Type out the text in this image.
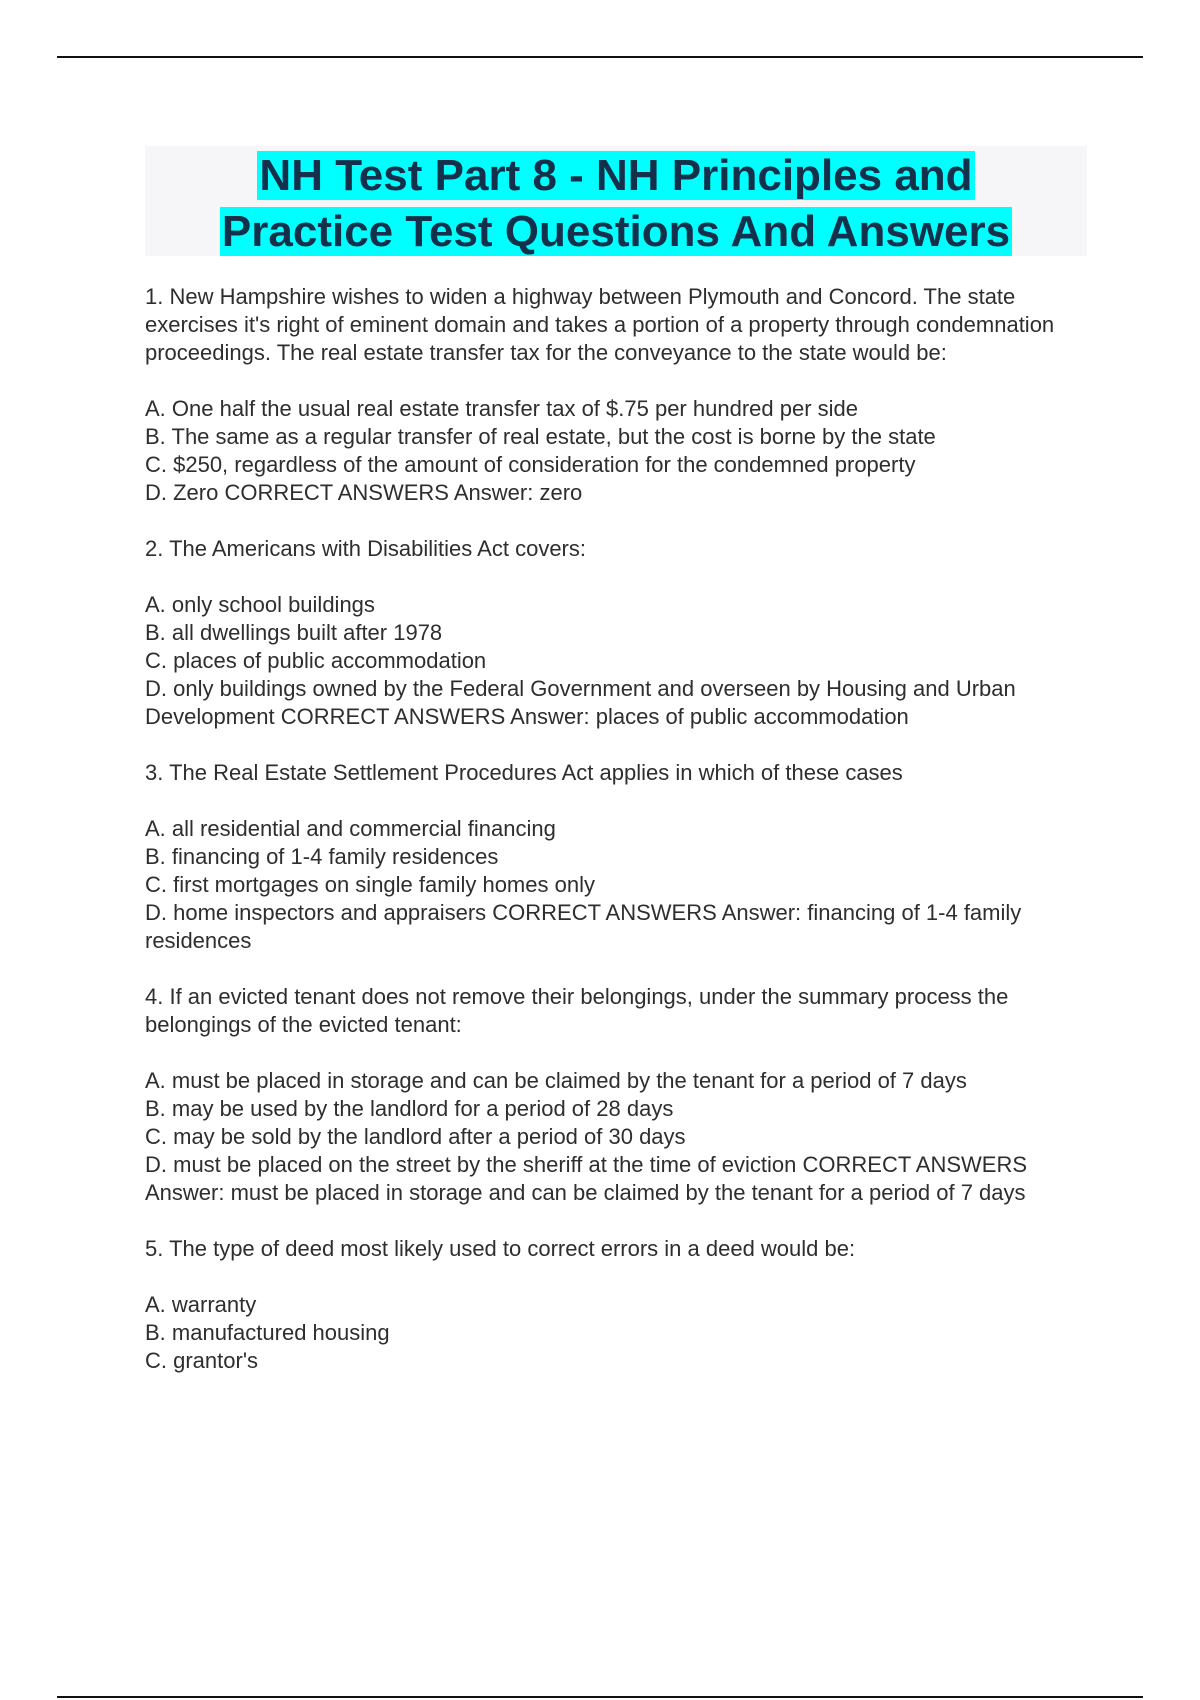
NH Test Part 8 - NH Principles and
Practice Test Questions And Answers

1. New Hampshire wishes to widen a highway between Plymouth and Concord. The state exercises it's right of eminent domain and takes a portion of a property through condemnation proceedings. The real estate transfer tax for the conveyance to the state would be:

A. One half the usual real estate transfer tax of $.75 per hundred per side
B. The same as a regular transfer of real estate, but the cost is borne by the state
C. $250, regardless of the amount of consideration for the condemned property
D. Zero CORRECT ANSWERS Answer: zero

2. The Americans with Disabilities Act covers:

A. only school buildings
B. all dwellings built after 1978
C. places of public accommodation
D. only buildings owned by the Federal Government and overseen by Housing and Urban Development CORRECT ANSWERS Answer: places of public accommodation

3. The Real Estate Settlement Procedures Act applies in which of these cases

A. all residential and commercial financing
B. financing of 1-4 family residences
C. first mortgages on single family homes only
D. home inspectors and appraisers CORRECT ANSWERS Answer: financing of 1-4 family residences

4. If an evicted tenant does not remove their belongings, under the summary process the belongings of the evicted tenant:

A. must be placed in storage and can be claimed by the tenant for a period of 7 days
B. may be used by the landlord for a period of 28 days
C. may be sold by the landlord after a period of 30 days
D. must be placed on the street by the sheriff at the time of eviction CORRECT ANSWERS Answer: must be placed in storage and can be claimed by the tenant for a period of 7 days

5. The type of deed most likely used to correct errors in a deed would be:

A. warranty
B. manufactured housing
C. grantor's
